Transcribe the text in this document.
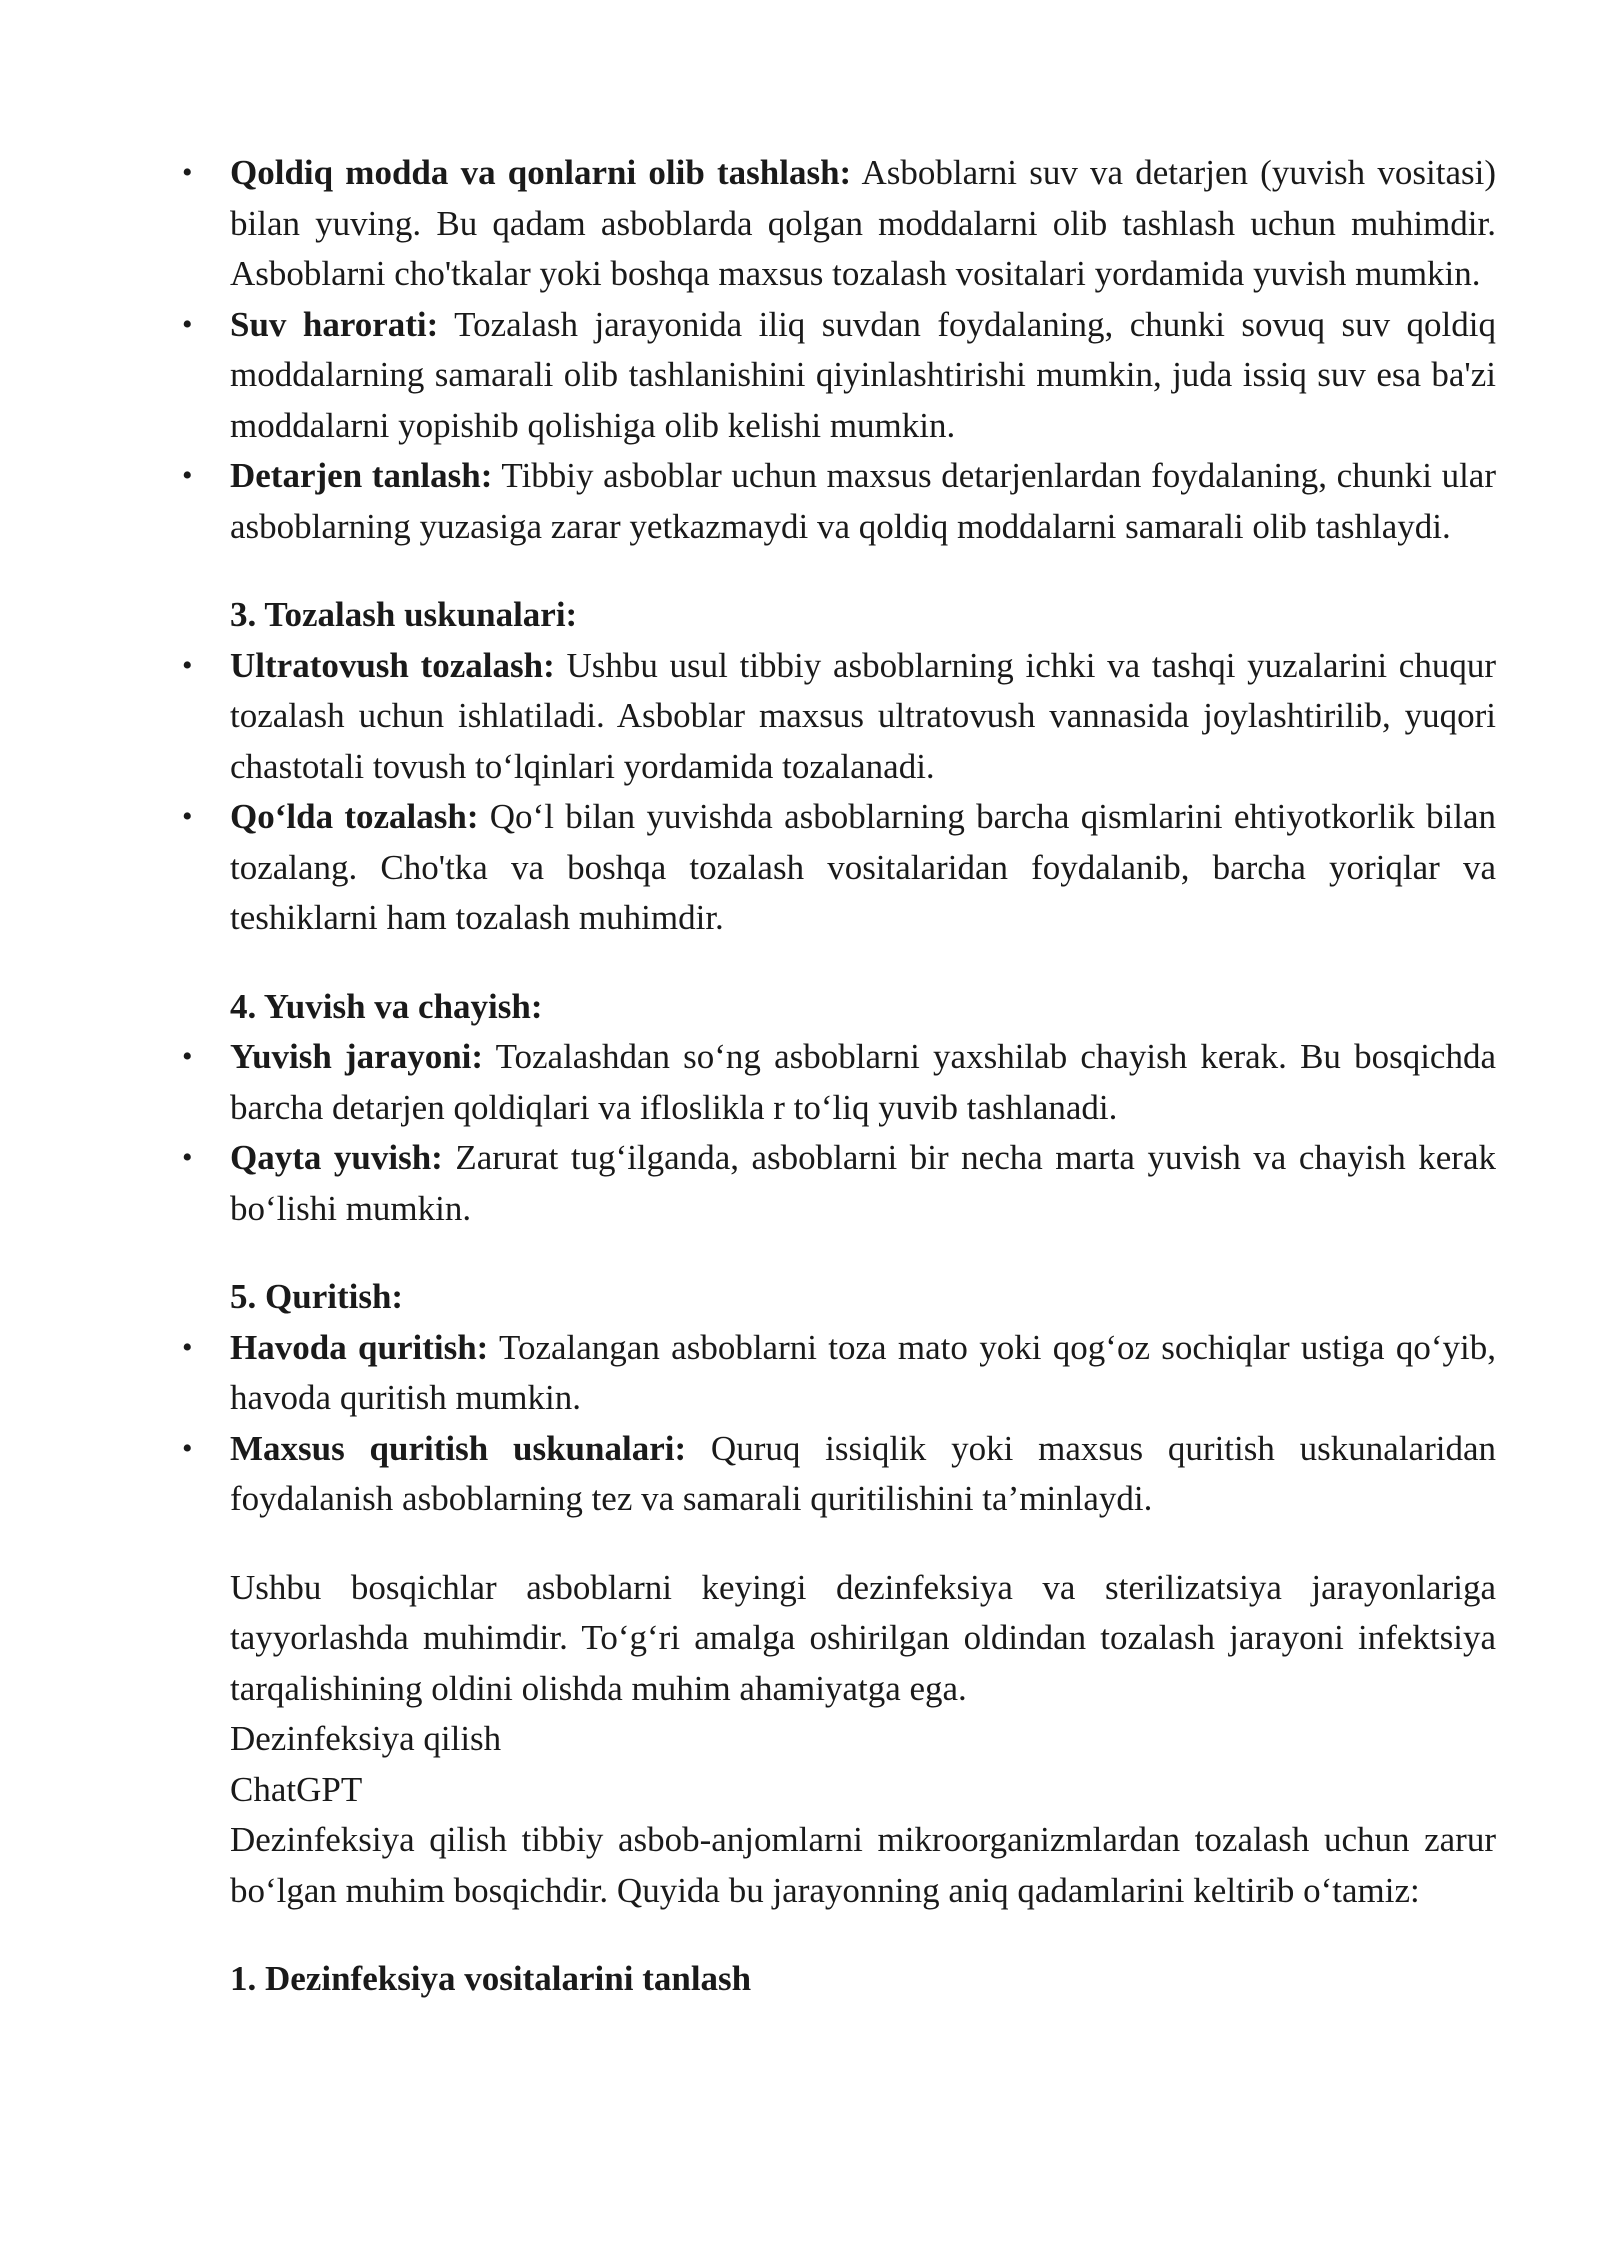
• Qoldiq modda va qonlarni olib tashlash: Asboblarni suv va detarjen (yuvish vositasi) bilan yuving. Bu qadam asboblarda qolgan moddalarni olib tashlash uchun muhimdir. Asboblarni cho'tkalar yoki boshqa maxsus tozalash vositalari yordamida yuvish mumkin.
• Suv harorati: Tozalash jarayonida iliq suvdan foydalaning, chunki sovuq suv qoldiq moddalarning samarali olib tashlanishini qiyinlashtirishi mumkin, juda issiq suv esa ba'zi moddalarni yopishib qolishiga olib kelishi mumkin.
• Detarjen tanlash: Tibbiy asboblar uchun maxsus detarjenlardan foydalaning, chunki ular asboblarning yuzasiga zarar yetkazmaydi va qoldiq moddalarni samarali olib tashlaydi.
3. Tozalash uskunalari:
• Ultratovush tozalash: Ushbu usul tibbiy asboblarning ichki va tashqi yuzalarini chuqur tozalash uchun ishlatiladi. Asboblar maxsus ultratovush vannasida joylashtirilib, yuqori chastotali tovush to‘lqinlari yordamida tozalanadi.
• Qo‘lda tozalash: Qo‘l bilan yuvishda asboblarning barcha qismlarini ehtiyotkorlik bilan tozalang. Cho'tka va boshqa tozalash vositalaridan foydalanib, barcha yoriqlar va teshiklarni ham tozalash muhimdir.
4. Yuvish va chayish:
• Yuvish jarayoni: Tozalashdan so‘ng asboblarni yaxshilab chayish kerak. Bu bosqichda barcha detarjen qoldiqlari va ifloslikla r to‘liq yuvib tashlanadi.
• Qayta yuvish: Zarurat tug‘ilganda, asboblarni bir necha marta yuvish va chayish kerak bo‘lishi mumkin.
5. Quritish:
• Havoda quritish: Tozalangan asboblarni toza mato yoki qog‘oz sochiqlar ustiga qo‘yib, havoda quritish mumkin.
• Maxsus quritish uskunalari: Quruq issiqlik yoki maxsus quritish uskunalaridan foydalanish asboblarning tez va samarali quritilishini ta’minlaydi.
Ushbu bosqichlar asboblarni keyingi dezinfeksiya va sterilizatsiya jarayonlariga tayyorlashda muhimdir. To‘g‘ri amalga oshirilgan oldindan tozalash jarayoni infektsiya tarqalishining oldini olishda muhim ahamiyatga ega.
Dezinfeksiya qilish
ChatGPT
Dezinfeksiya qilish tibbiy asbob-anjomlarni mikroorganizmlardan tozalash uchun zarur bo‘lgan muhim bosqichdir. Quyida bu jarayonning aniq qadamlarini keltirib o‘tamiz:
1. Dezinfeksiya vositalarini tanlash
